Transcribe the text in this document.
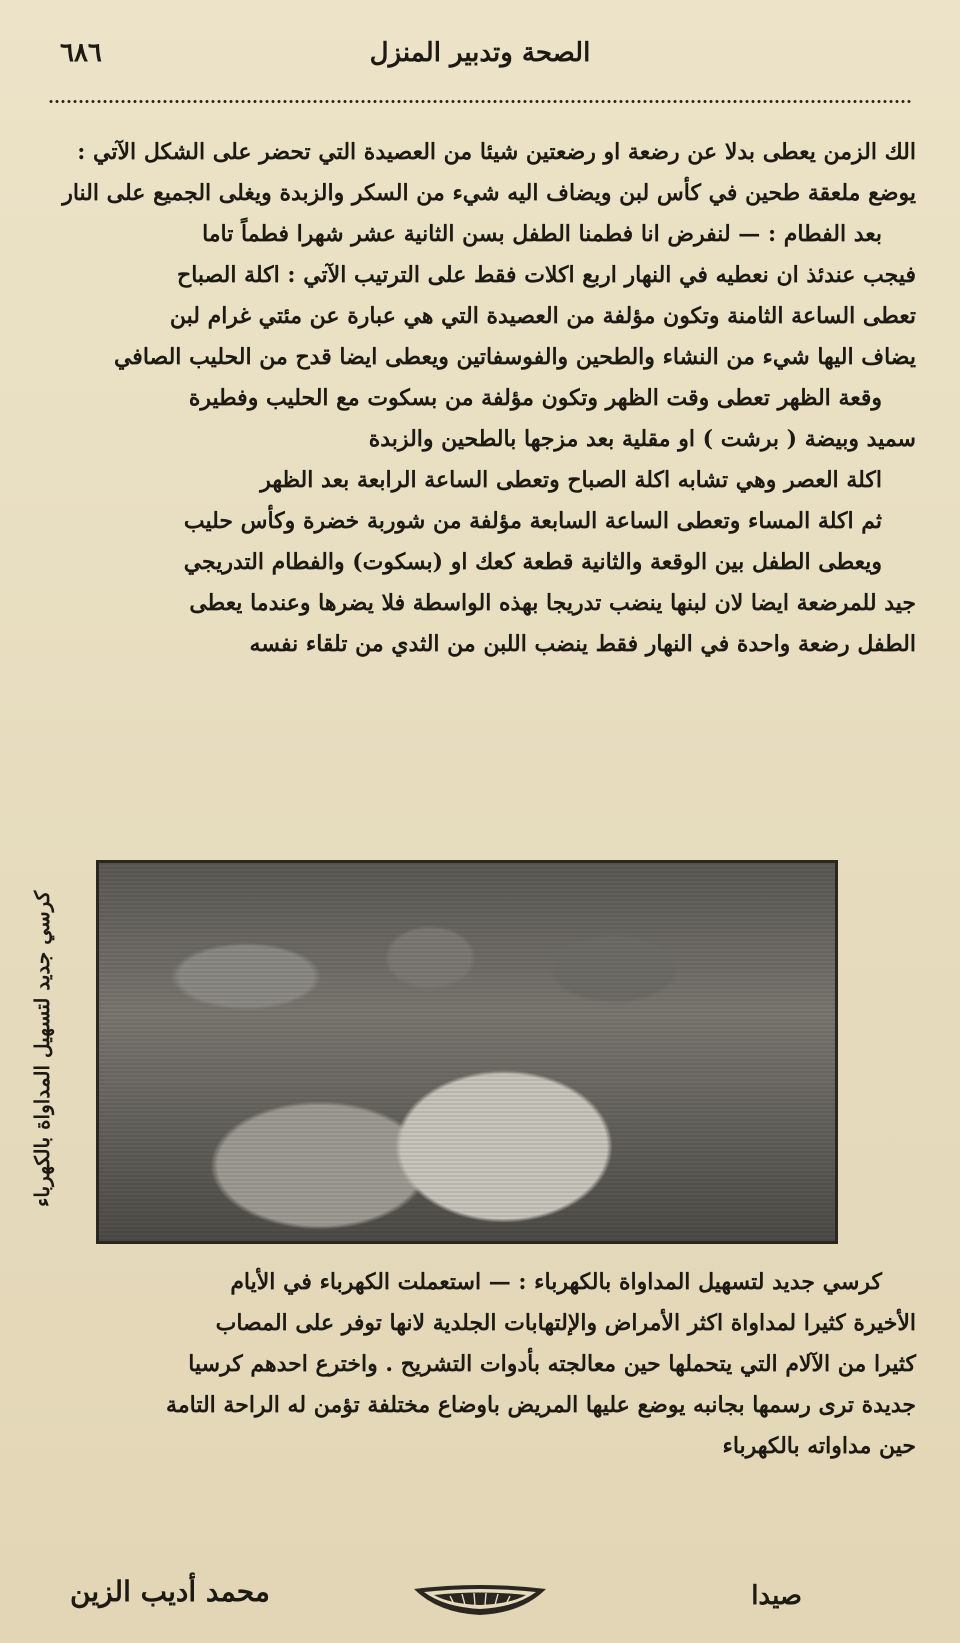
الصحة وتدبير المنزل
٦٨٦

الك الزمن يعطى بدلا عن رضعة او رضعتين شيئا من العصيدة التي تحضر على الشكل الآتي :

يوضع ملعقة طحين في كأس لبن ويضاف اليه شيء من السكر والزبدة ويغلى الجميع على النار

بعد الفطام : — لنفرض انا فطمنا الطفل بسن الثانية عشر شهرا فطماً تاما

فيجب عندئذ ان نعطيه في النهار اربع اكلات فقط على الترتيب الآتي : اكلة الصباح

تعطى الساعة الثامنة وتكون مؤلفة من العصيدة التي هي عبارة عن مئتي غرام لبن

يضاف اليها شيء من النشاء والطحين والفوسفاتين ويعطى ايضا قدح من الحليب الصافي

وقعة الظهر تعطى وقت الظهر وتكون مؤلفة من بسكوت مع الحليب وفطيرة

سميد وبيضة ( برشت ) او مقلية بعد مزجها بالطحين والزبدة

اكلة العصر وهي تشابه اكلة الصباح وتعطى الساعة الرابعة بعد الظهر

ثم اكلة المساء وتعطى الساعة السابعة مؤلفة من شوربة خضرة وكأس حليب

ويعطى الطفل بين الوقعة والثانية قطعة كعك او (بسكوت) والفطام التدريجي

جيد للمرضعة ايضا لان لبنها ينضب تدريجا بهذه الواسطة فلا يضرها وعندما يعطى

الطفل رضعة واحدة في النهار فقط ينضب اللبن من الثدي من تلقاء نفسه

كرسي جديد لتسهيل المداواة بالكهرباء

كرسي جديد لتسهيل المداواة بالكهرباء : — استعملت الكهرباء في الأيام

الأخيرة كثيرا لمداواة اكثر الأمراض والإلتهابات الجلدية لانها توفر على المصاب

كثيرا من الآلام التي يتحملها حين معالجته بأدوات التشريح . واخترع احدهم كرسيا

جديدة ترى رسمها بجانبه يوضع عليها المريض باوضاع مختلفة تؤمن له الراحة التامة

حين مداواته بالكهرباء

صيدا
محمد أديب الزين
